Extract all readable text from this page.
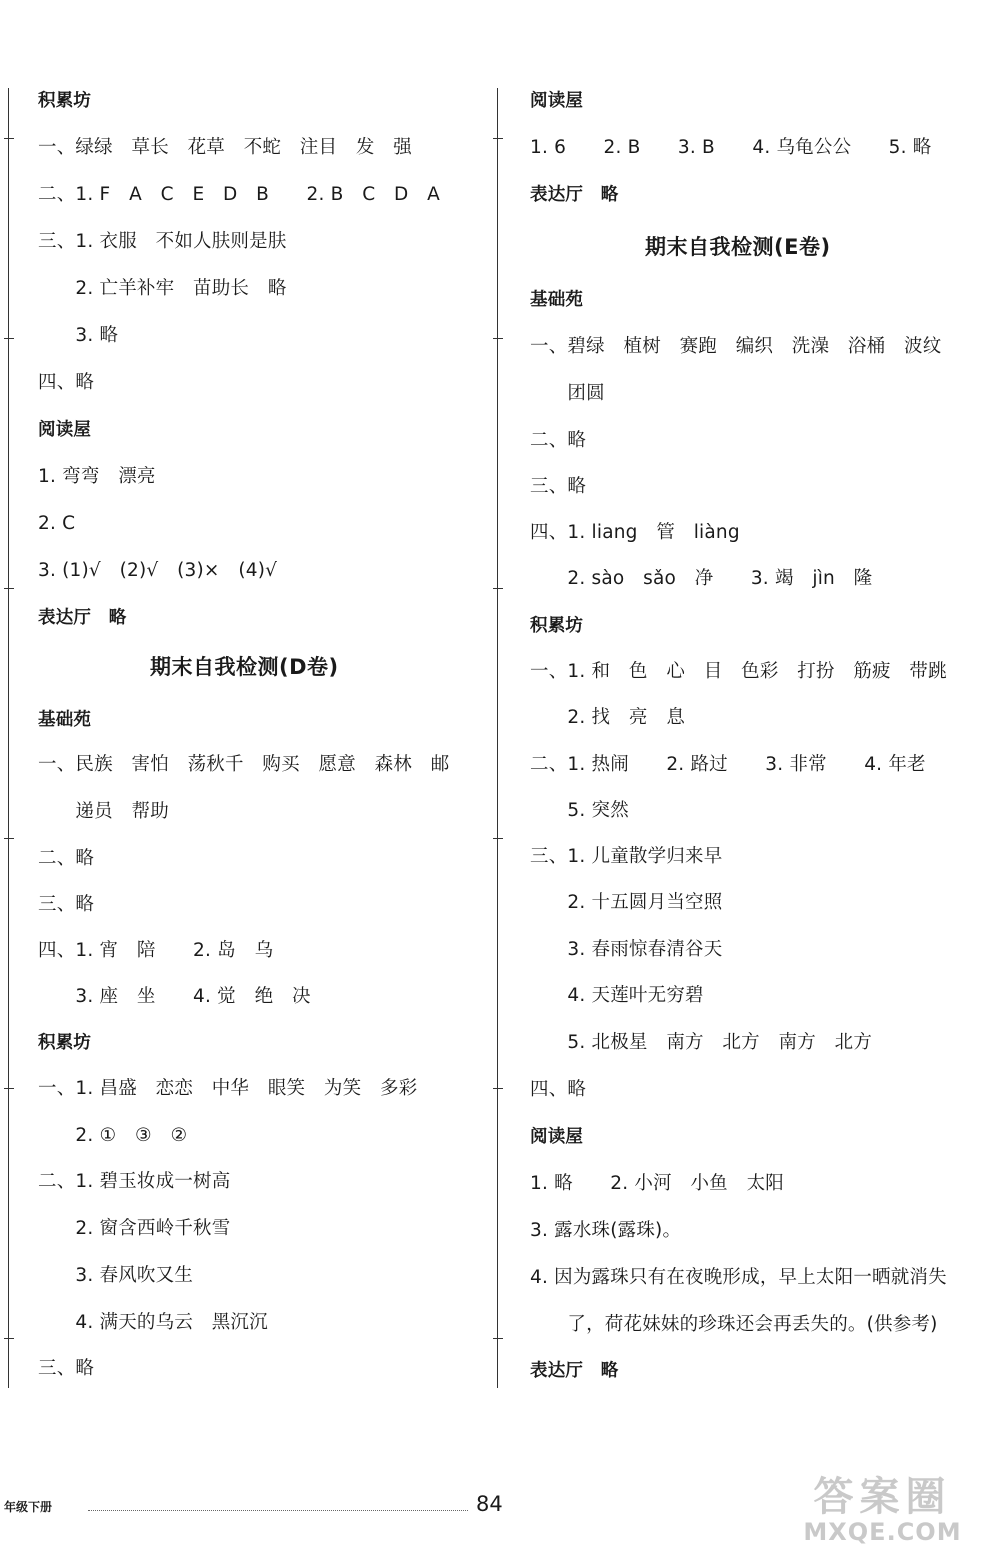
积累坊
一、绿绿　草长　花草　不蛇　注目　发　强
二、1. F　A　C　E　D　B　　2. B　C　D　A
三、1. 衣服　不如人肤则是肤
　　2. 亡羊补牢　苗助长　略
　　3. 略
四、略
阅读屋
1. 弯弯　漂亮
2. C
3. (1)√　(2)√　(3)×　(4)√
表达厅　略
期末自我检测(D卷)
基础苑
一、民族　害怕　荡秋千　购买　愿意　森林　邮
　　递员　帮助
二、略
三、略
四、1. 宵　陪　　2. 岛　乌
　　3. 座　坐　　4. 觉　绝　决
积累坊
一、1. 昌盛　恋恋　中华　眼笑　为笑　多彩
　　2. ①　③　②
二、1. 碧玉妆成一树高
　　2. 窗含西岭千秋雪
　　3. 春风吹又生
　　4. 满天的乌云　黑沉沉
三、略
阅读屋
1. 6　　2. B　　3. B　　4. 乌龟公公　　5. 略
表达厅　略
期末自我检测(E卷)
基础苑
一、碧绿　植树　赛跑　编织　洗澡　浴桶　波纹
　　团圆
二、略
三、略
四、1. liang　管　liàng
　　2. sào　sǎo　净　　3. 竭　jìn　隆
积累坊
一、1. 和　色　心　目　色彩　打扮　筋疲　带跳
　　2. 找　亮　息
二、1. 热闹　　2. 路过　　3. 非常　　4. 年老
　　5. 突然
三、1. 儿童散学归来早
　　2. 十五圆月当空照
　　3. 春雨惊春清谷天
　　4. 天莲叶无穷碧
　　5. 北极星　南方　北方　南方　北方
四、略
阅读屋
1. 略　　2. 小河　小鱼　太阳
3. 露水珠(露珠)。
4. 因为露珠只有在夜晚形成，早上太阳一晒就消失
　　了，荷花妹妹的珍珠还会再丢失的。(供参考)
表达厅　略
年级下册	84	答案圈
MXQE.COM
